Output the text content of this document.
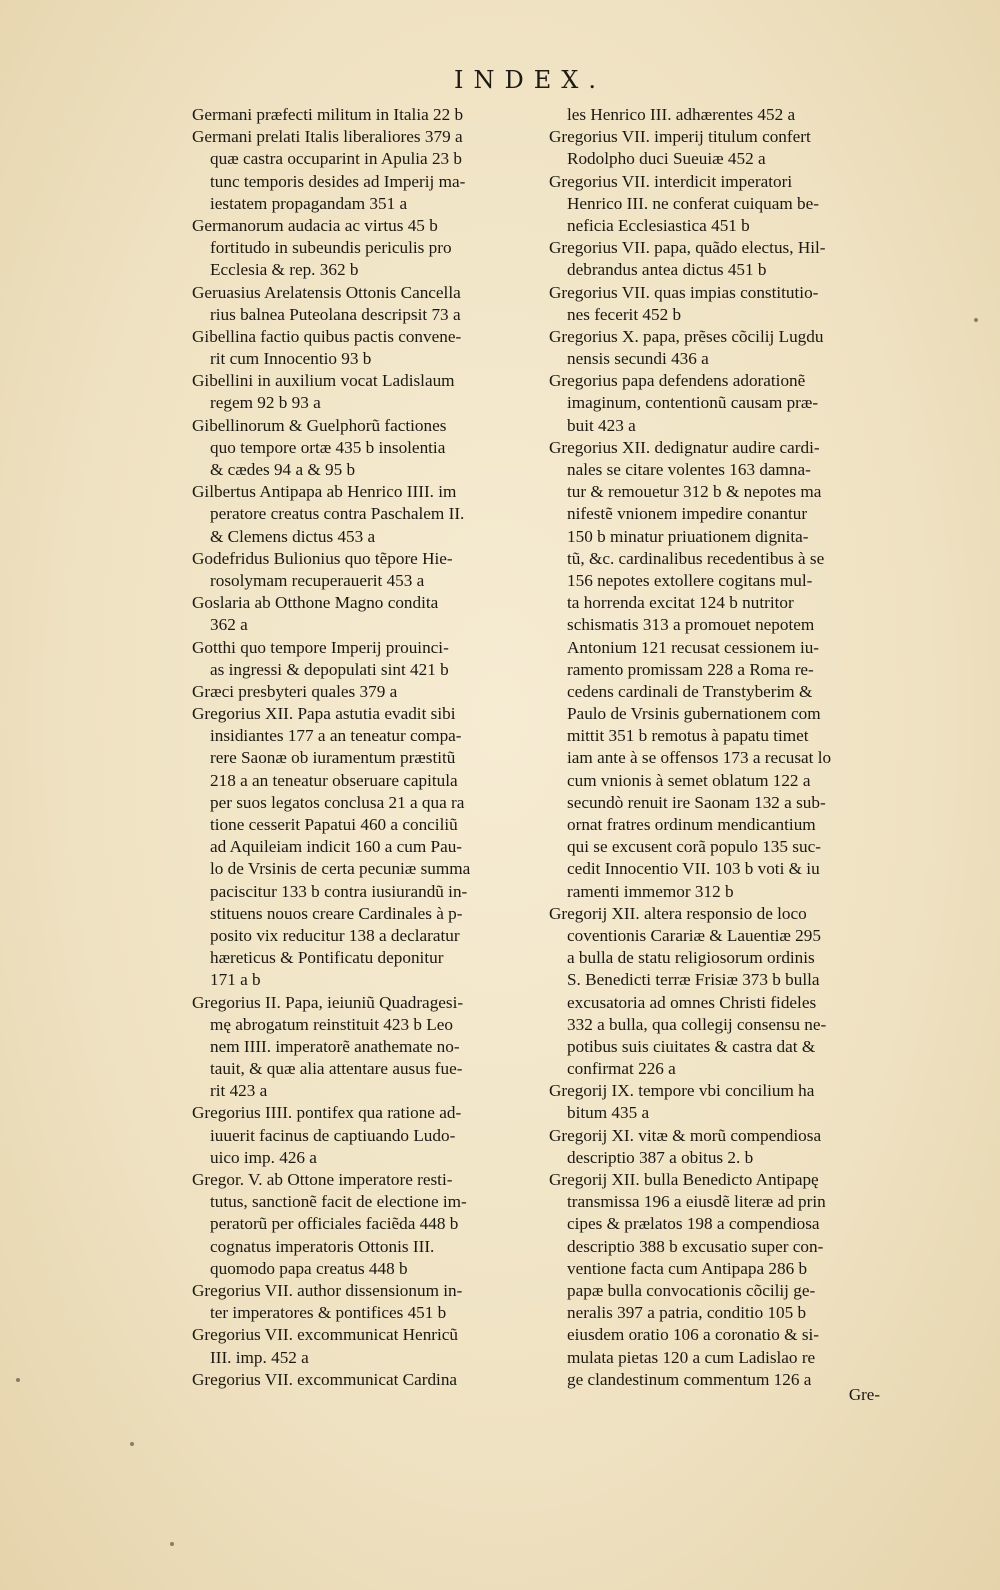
INDEX.
Germani præfecti militum in Italia 22 b
Germani prelati Italis liberaliores 379 a
quæ castra occuparint in Apulia 23 b
tunc temporis desides ad Imperij ma-
iestatem propagandam 351 a
Germanorum audacia ac virtus 45 b
fortitudo in subeundis periculis pro
Ecclesia & rep. 362 b
Geruasius Arelatensis Ottonis Cancella
rius balnea Puteolana descripsit 73 a
Gibellina factio quibus pactis convene-
rit cum Innocentio 93 b
Gibellini in auxilium vocat Ladislaum
regem 92 b 93 a
Gibellinorum & Guelphorũ factiones
quo tempore ortæ 435 b insolentia
& cædes 94 a & 95 b
Gilbertus Antipapa ab Henrico IIII. im
peratore creatus contra Paschalem II.
& Clemens dictus 453 a
Godefridus Bulionius quo tẽpore Hie-
rosolymam recuperauerit 453 a
Goslaria ab Otthone Magno condita
362 a
Gotthi quo tempore Imperij prouinci-
as ingressi & depopulati sint 421 b
Græci presbyteri quales 379 a
Gregorius XII. Papa astutia evadit sibi
insidiantes 177 a an teneatur compa-
rere Saonæ ob iuramentum præstitũ
218 a an teneatur obseruare capitula
per suos legatos conclusa 21 a qua ra
tione cesserit Papatui 460 a conciliũ
ad Aquileiam indicit 160 a cum Pau-
lo de Vrsinis de certa pecuniæ summa
paciscitur 133 b contra iusiurandũ in-
stituens nouos creare Cardinales à p-
posito vix reducitur 138 a declaratur
hæreticus & Pontificatu deponitur
171 a b
Gregorius II. Papa, ieiuniũ Quadragesi-
mę abrogatum reinstituit 423 b Leo
nem IIII. imperatorẽ anathemate no-
tauit, & quæ alia attentare ausus fue-
rit 423 a
Gregorius IIII. pontifex qua ratione ad-
iuuerit facinus de captiuando Ludo-
uico imp. 426 a
Gregor. V. ab Ottone imperatore resti-
tutus, sanctionẽ facit de electione im-
peratorũ per officiales faciẽda 448 b
cognatus imperatoris Ottonis III.
quomodo papa creatus 448 b
Gregorius VII. author dissensionum in-
ter imperatores & pontifices 451 b
Gregorius VII. excommunicat Henricũ
III. imp. 452 a
Gregorius VII. excommunicat Cardina
les Henrico III. adhærentes 452 a
Gregorius VII. imperij titulum confert
Rodolpho duci Sueuiæ 452 a
Gregorius VII. interdicit imperatori
Henrico III. ne conferat cuiquam be-
neficia Ecclesiastica 451 b
Gregorius VII. papa, quãdo electus, Hil-
debrandus antea dictus 451 b
Gregorius VII. quas impias constitutio-
nes fecerit 452 b
Gregorius X. papa, prẽses cõcilij Lugdu
nensis secundi 436 a
Gregorius papa defendens adorationẽ
imaginum, contentionũ causam præ-
buit 423 a
Gregorius XII. dedignatur audire cardi-
nales se citare volentes 163 damna-
tur & remouetur 312 b & nepotes ma
nifestẽ vnionem impedire conantur
150 b minatur priuationem dignita-
tũ, &c. cardinalibus recedentibus à se
156 nepotes extollere cogitans mul-
ta horrenda excitat 124 b nutritor
schismatis 313 a promouet nepotem
Antonium 121 recusat cessionem iu-
ramento promissam 228 a Roma re-
cedens cardinali de Transtyberim &
Paulo de Vrsinis gubernationem com
mittit 351 b remotus à papatu timet
iam ante à se offensos 173 a recusat lo
cum vnionis à semet oblatum 122 a
secundò renuit ire Saonam 132 a sub-
ornat fratres ordinum mendicantium
qui se excusent corã populo 135 suc-
cedit Innocentio VII. 103 b voti & iu
ramenti immemor 312 b
Gregorij XII. altera responsio de loco
coventionis Carariæ & Lauentiæ 295
a bulla de statu religiosorum ordinis
S. Benedicti terræ Frisiæ 373 b bulla
excusatoria ad omnes Christi fideles
332 a bulla, qua collegij consensu ne-
potibus suis ciuitates & castra dat &
confirmat 226 a
Gregorij IX. tempore vbi concilium ha
bitum 435 a
Gregorij XI. vitæ & morũ compendiosa
descriptio 387 a obitus 2. b
Gregorij XII. bulla Benedicto Antipapę
transmissa 196 a eiusdẽ literæ ad prin
cipes & prælatos 198 a compendiosa
descriptio 388 b excusatio super con-
ventione facta cum Antipapa 286 b
papæ bulla convocationis cõcilij ge-
neralis 397 a patria, conditio 105 b
eiusdem oratio 106 a coronatio & si-
mulata pietas 120 a cum Ladislao re
ge clandestinum commentum 126 a
Gre-
